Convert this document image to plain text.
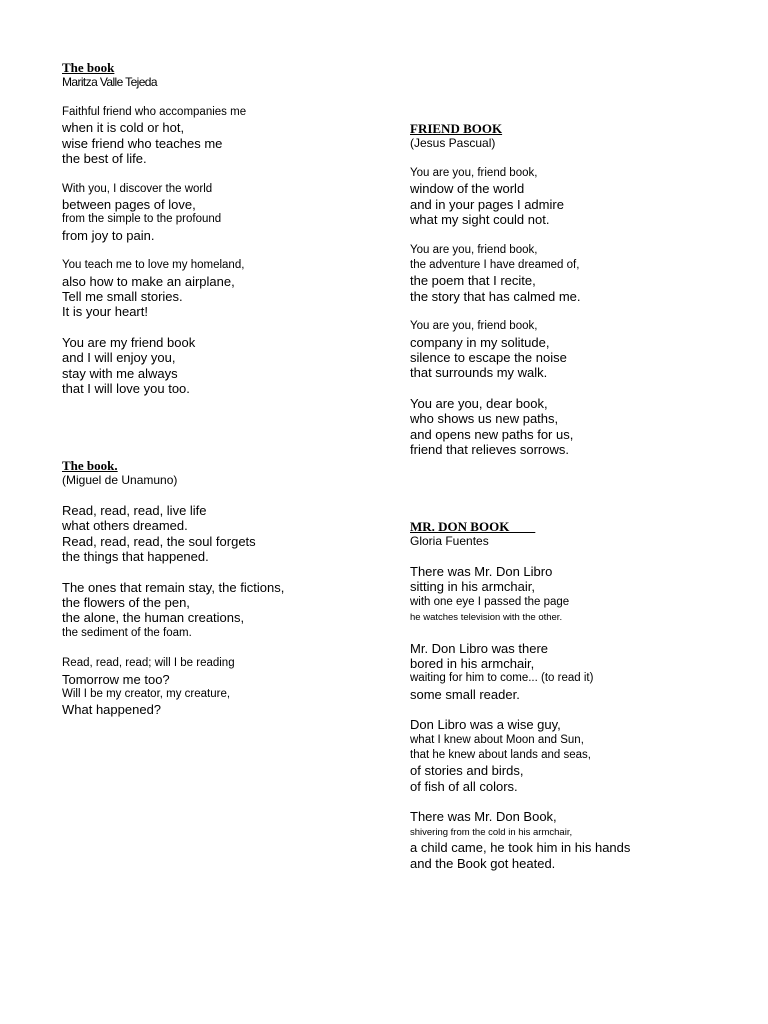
The book
Maritza Valle Tejeda
Faithful friend who accompanies me
when it is cold or hot,
wise friend who teaches me
the best of life.
With you, I discover the world
between pages of love,
from the simple to the profound
from joy to pain.
You teach me to love my homeland,
also how to make an airplane,
Tell me small stories.
It is your heart!
You are my friend book
and I will enjoy you,
stay with me always
that I will love you too.
The book.
(Miguel de Unamuno)
Read, read, read, live life
what others dreamed.
Read, read, read, the soul forgets
the things that happened.
The ones that remain stay, the fictions,
the flowers of the pen,
the alone, the human creations,
the sediment of the foam.
Read, read, read; will I be reading
Tomorrow me too?
Will I be my creator, my creature,
What happened?
FRIEND BOOK
(Jesus Pascual)
You are you, friend book,
window of the world
and in your pages I admire
what my sight could not.
You are you, friend book,
the adventure I have dreamed of,
the poem that I recite,
the story that has calmed me.
You are you, friend book,
company in my solitude,
silence to escape the noise
that surrounds my walk.
You are you, dear book,
who shows us new paths,
and opens new paths for us,
friend that relieves sorrows.
MR. DON BOOK
Gloria Fuentes
There was Mr. Don Libro
sitting in his armchair,
with one eye I passed the page
he watches television with the other.
Mr. Don Libro was there
bored in his armchair,
waiting for him to come... (to read it)
some small reader.
Don Libro was a wise guy,
what I knew about Moon and Sun,
that he knew about lands and seas,
of stories and birds,
of fish of all colors.
There was Mr. Don Book,
shivering from the cold in his armchair,
a child came, he took him in his hands
and the Book got heated.
